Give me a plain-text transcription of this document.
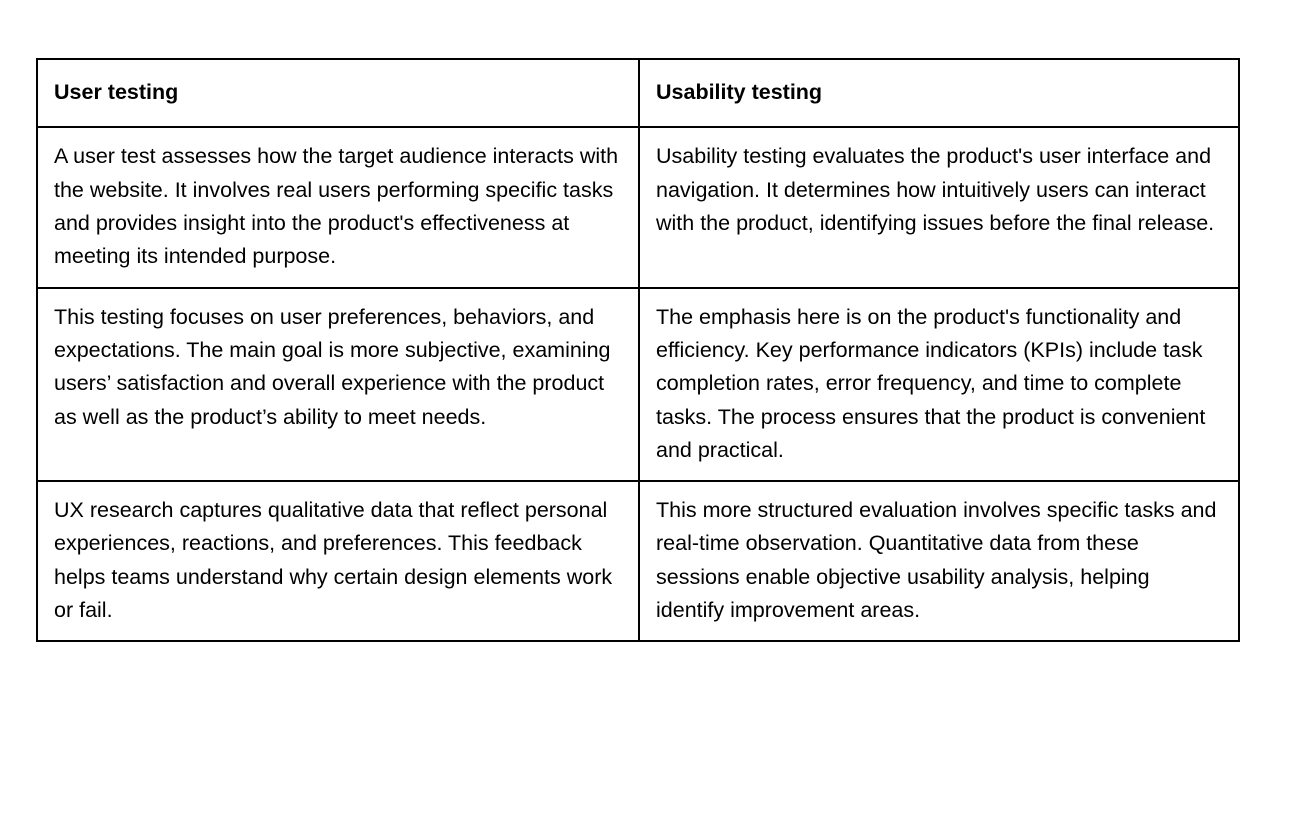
User testing	Usability testing
A user test assesses how the target audience interacts with the website. It involves real users performing specific tasks and provides insight into the product's effectiveness at meeting its intended purpose.	Usability testing evaluates the product's user interface and navigation. It determines how intuitively users can interact with the product, identifying issues before the final release.
This testing focuses on user preferences, behaviors, and expectations. The main goal is more subjective, examining users’ satisfaction and overall experience with the product as well as the product’s ability to meet needs.	The emphasis here is on the product's functionality and efficiency. Key performance indicators (KPIs) include task completion rates, error frequency, and time to complete tasks. The process ensures that the product is convenient and practical.
UX research captures qualitative data that reflect personal experiences, reactions, and preferences. This feedback helps teams understand why certain design elements work or fail.	This more structured evaluation involves specific tasks and real-time observation. Quantitative data from these sessions enable objective usability analysis, helping identify improvement areas.
